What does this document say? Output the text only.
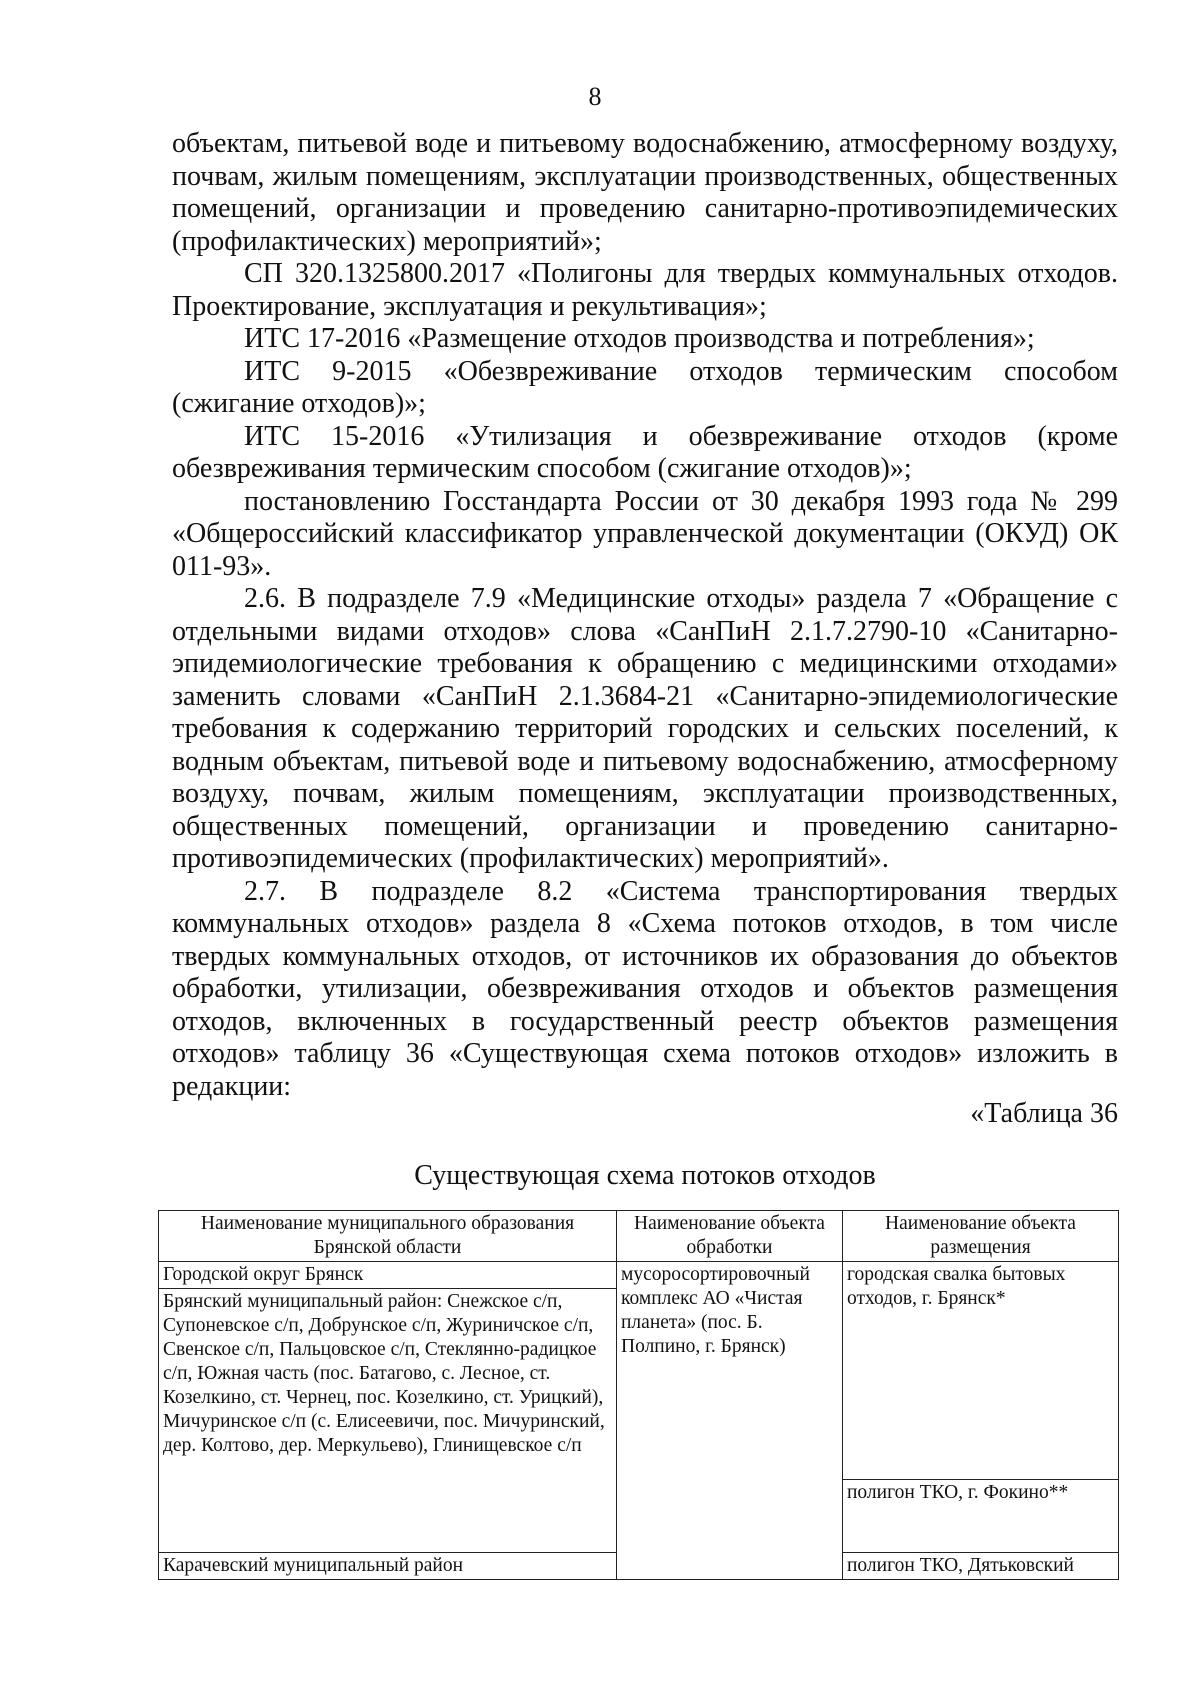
8

объектам, питьевой воде и питьевому водоснабжению, атмосферному воздуху, почвам, жилым помещениям, эксплуатации производственных, общественных помещений, организации и проведению санитарно-противоэпидемических (профилактических) мероприятий»;

СП 320.1325800.2017 «Полигоны для твердых коммунальных отходов. Проектирование, эксплуатация и рекультивация»;

ИТС 17-2016 «Размещение отходов производства и потребления»;

ИТС 9-2015 «Обезвреживание отходов термическим способом (сжигание отходов)»;

ИТС 15-2016 «Утилизация и обезвреживание отходов (кроме обезвреживания термическим способом (сжигание отходов)»;

постановлению Госстандарта России от 30 декабря 1993 года № 299 «Общероссийский классификатор управленческой документации (ОКУД) ОК 011-93».

2.6. В подразделе 7.9 «Медицинские отходы» раздела 7 «Обращение с отдельными видами отходов» слова «СанПиН 2.1.7.2790-10 «Санитарно-эпидемиологические требования к обращению с медицинскими отходами» заменить словами «СанПиН 2.1.3684-21 «Санитарно-эпидемиологические требования к содержанию территорий городских и сельских поселений, к водным объектам, питьевой воде и питьевому водоснабжению, атмосферному воздуху, почвам, жилым помещениям, эксплуатации производственных, общественных помещений, организации и проведению санитарно-противоэпидемических (профилактических) мероприятий».

2.7. В подразделе 8.2 «Система транспортирования твердых коммунальных отходов» раздела 8 «Схема потоков отходов, в том числе твердых коммунальных отходов, от источников их образования до объектов обработки, утилизации, обезвреживания отходов и объектов размещения отходов, включенных в государственный реестр объектов размещения отходов» таблицу 36 «Существующая схема потоков отходов» изложить в редакции:

«Таблица 36
Существующая схема потоков отходов
Наименование муниципального образования Брянской области	Наименование объекта обработки	Наименование объекта размещения
Городской округ Брянск	мусоросортировочный комплекс АО «Чистая планета» (пос. Б. Полпино, г. Брянск)	городская свалка бытовых отходов, г. Брянск*
Брянский муниципальный район: Снежское с/п, Супоневское с/п, Добрунское с/п, Журиничское с/п, Свенское с/п, Пальцовское с/п, Стеклянно-радицкое с/п, Южная часть (пос. Батагово, с. Лесное, ст. Козелкино, ст. Чернец, пос. Козелкино, ст. Урицкий), Мичуринское с/п (с. Елисеевичи, пос. Мичуринский, дер. Колтово, дер. Меркульево), Глинищевское с/п		
		полигон ТКО, г. Фокино**
Карачевский муниципальный район		полигон ТКО, Дятьковский
